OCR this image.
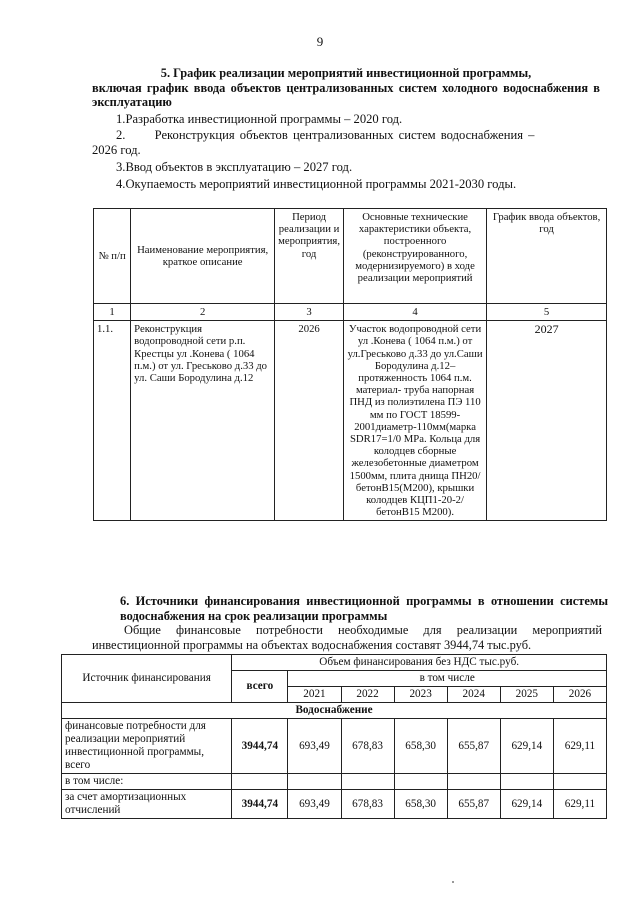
9
5. График реализации мероприятий инвестиционной программы,
включая график ввода объектов централизованных систем холодного водоснабжения в эксплуатацию
1.Разработка инвестиционной программы – 2020 год.
2. Реконструкция объектов централизованных систем водоснабжения –
2026 год.
3.Ввод объектов в эксплуатацию – 2027 год.
4.Окупаемость мероприятий инвестиционной программы 2021-2030 годы.
№ п/п	Наименование мероприятия, краткое описание	Период реализации и мероприятия, год	Основные технические характеристики объекта, построенного (реконструированного, модернизируемого) в ходе реализации мероприятий	График ввода объектов, год
1	2	3	4	5
1.1.	Реконструкция водопроводной сети р.п. Крестцы ул .Конева ( 1064 п.м.) от ул. Греськово д.33 до ул. Саши Бородулина д.12	2026	Участок водопроводной сети ул .Конева ( 1064 п.м.) от ул.Греськово д.33 до ул.Саши Бородулина д.12– протяженность 1064 п.м. материал- труба напорная ПНД из полиэтилена ПЭ 110 мм по ГОСТ 18599-2001диаметр-110мм(марка SDR17=1/0 MPa. Кольца для колодцев сборные железобетонные диаметром 1500мм, плита днища ПН20/бетонB15(M200), крышки колодцев КЦП1-20-2/бетонB15 M200).	2027
6. Источники финансирования инвестиционной программы в отношении системы водоснабжения на срок реализации программы
Общие финансовые потребности необходимые для реализации мероприятий инвестиционной программы на объектах водоснабжения составят 3944,74 тыс.руб.
Источник финансирования	Объем финансирования без НДС тыс.руб.						
	всего	в том числе					
		2021	2022	2023	2024	2025	2026
Водоснабжение							
финансовые потребности для реализации мероприятий инвестиционной программы, всего	3944,74	693,49	678,83	658,30	655,87	629,14	629,11
в том числе:							
за счет амортизационных отчислений	3944,74	693,49	678,83	658,30	655,87	629,14	629,11
